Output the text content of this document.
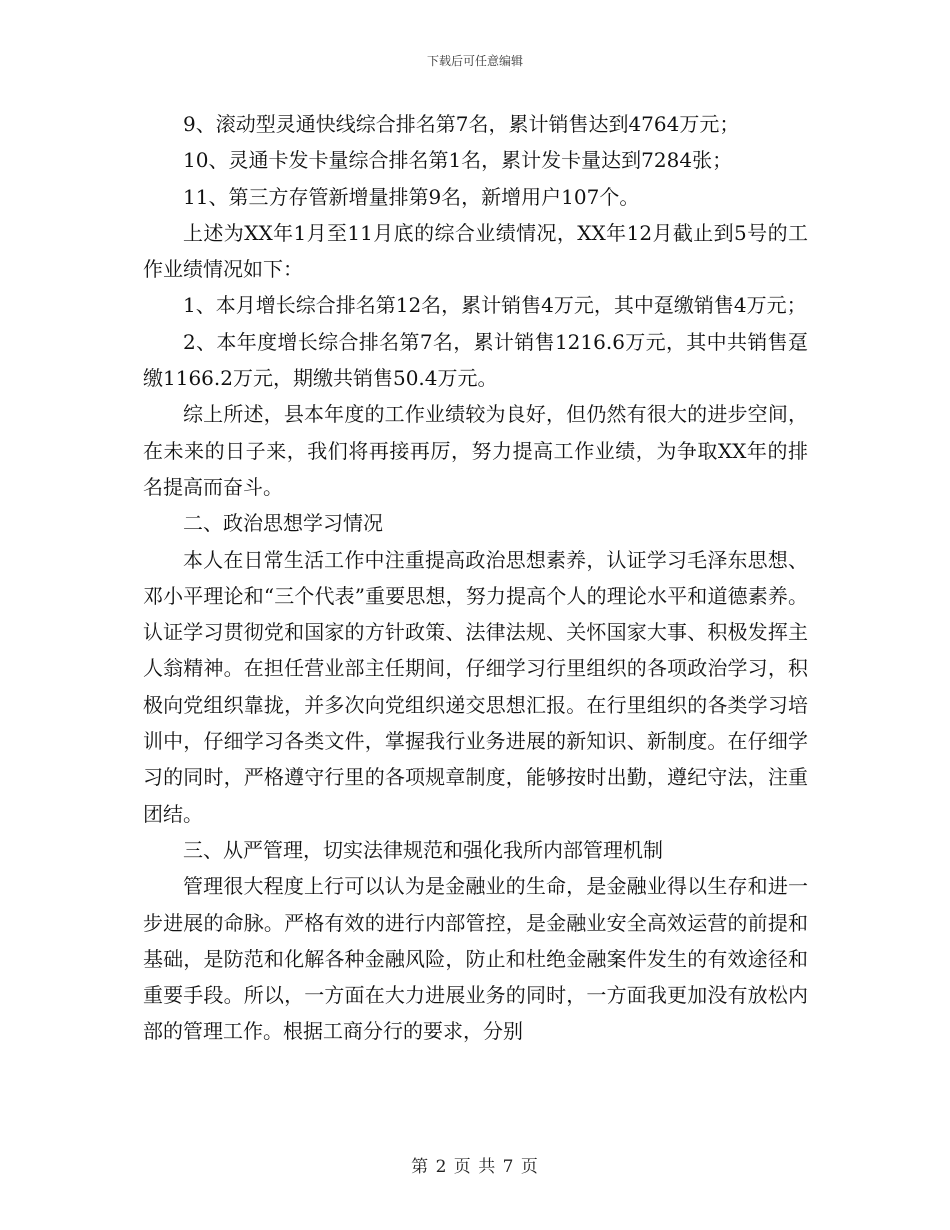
下载后可任意编辑

9、滚动型灵通快线综合排名第7名，累计销售达到4764万元；

10、灵通卡发卡量综合排名第1名，累计发卡量达到7284张；

11、第三方存管新增量排第9名，新增用户107个。

上述为XX年1月至11月底的综合业绩情况，XX年12月截止到5号的工作业绩情况如下：

1、本月增长综合排名第12名，累计销售4万元，其中趸缴销售4万元；

2、本年度增长综合排名第7名，累计销售1216.6万元，其中共销售趸缴1166.2万元，期缴共销售50.4万元。

综上所述，县本年度的工作业绩较为良好，但仍然有很大的进步空间，在未来的日子来，我们将再接再厉，努力提高工作业绩，为争取XX年的排名提高而奋斗。

二、政治思想学习情况

本人在日常生活工作中注重提高政治思想素养，认证学习毛泽东思想、邓小平理论和“三个代表”重要思想，努力提高个人的理论水平和道德素养。认证学习贯彻党和国家的方针政策、法律法规、关怀国家大事、积极发挥主人翁精神。在担任营业部主任期间，仔细学习行里组织的各项政治学习，积极向党组织靠拢，并多次向党组织递交思想汇报。在行里组织的各类学习培训中，仔细学习各类文件，掌握我行业务进展的新知识、新制度。在仔细学习的同时，严格遵守行里的各项规章制度，能够按时出勤，遵纪守法，注重团结。

三、从严管理，切实法律规范和强化我所内部管理机制

管理很大程度上行可以认为是金融业的生命，是金融业得以生存和进一步进展的命脉。严格有效的进行内部管控，是金融业安全高效运营的前提和基础，是防范和化解各种金融风险，防止和杜绝金融案件发生的有效途径和重要手段。所以，一方面在大力进展业务的同时，一方面我更加没有放松内部的管理工作。根据工商分行的要求，分别

第 2 页 共 7 页
